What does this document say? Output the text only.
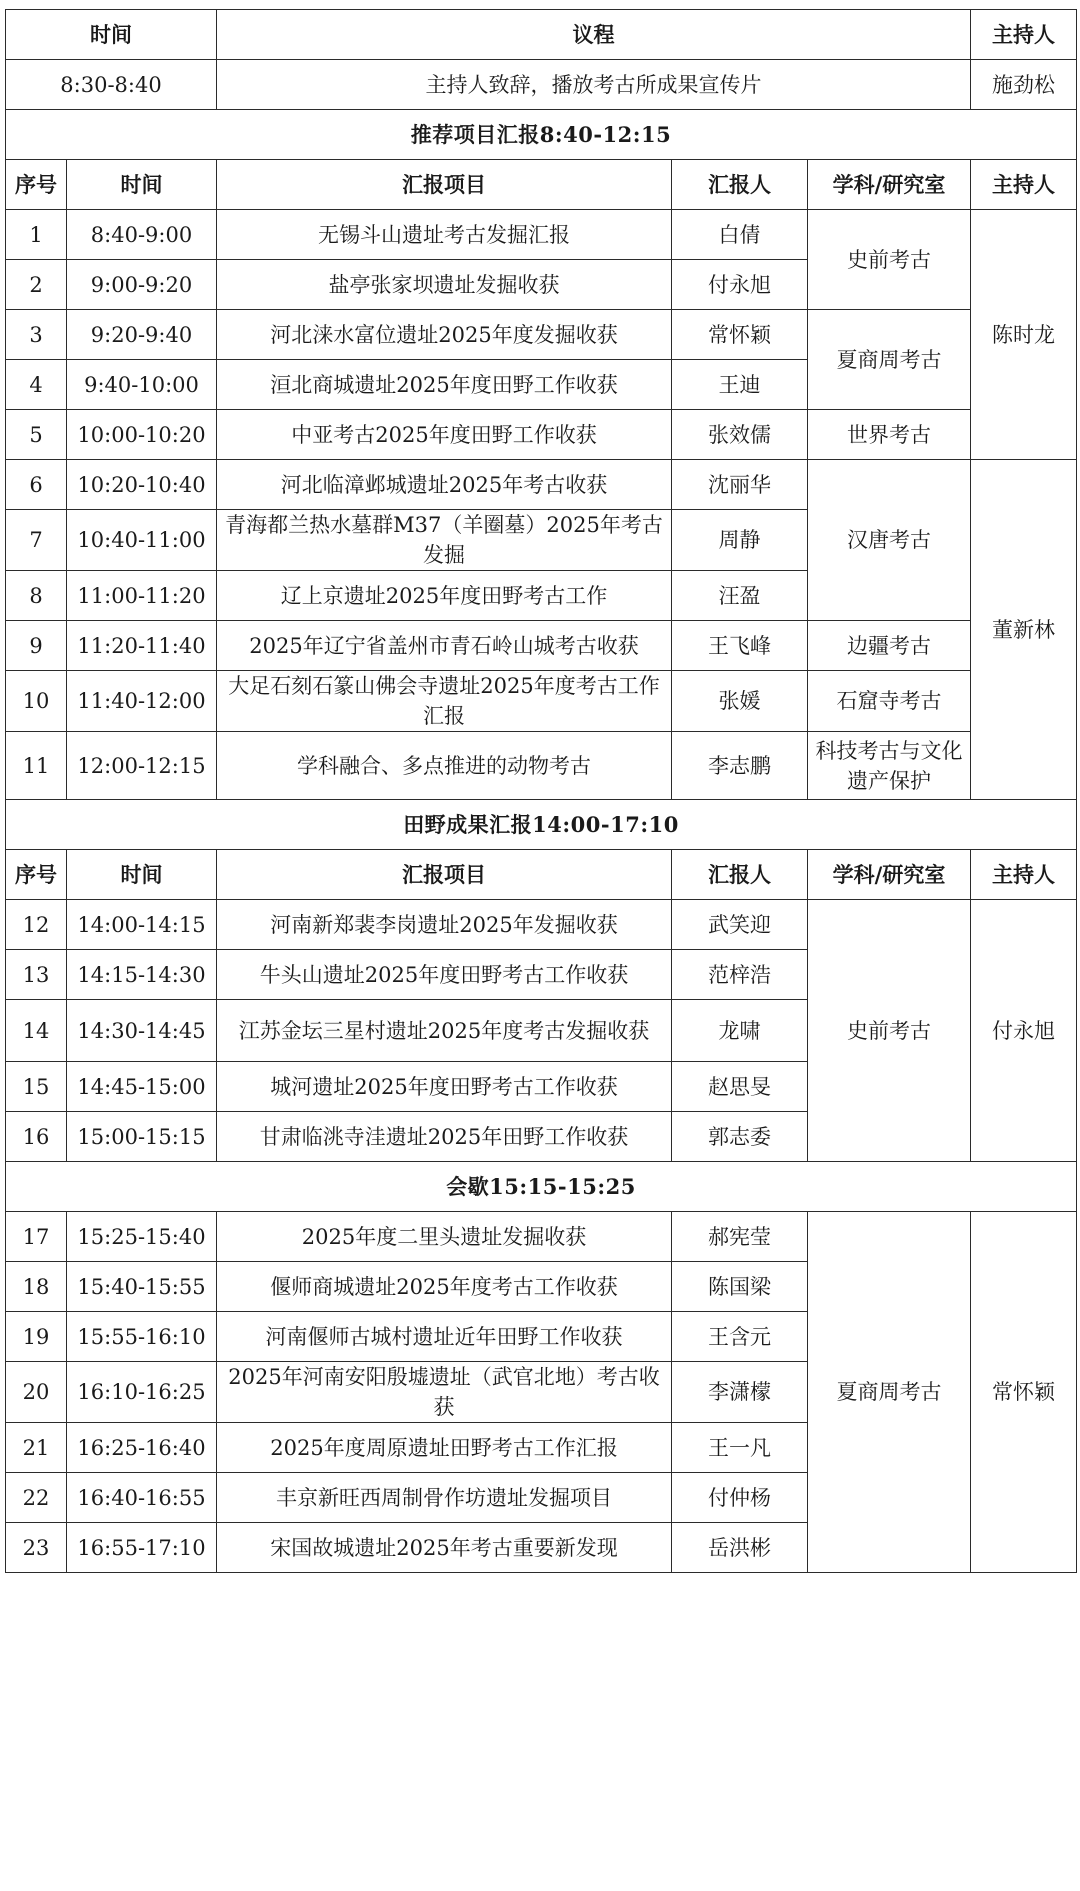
时间		议程			主持人
8:30-8:40		主持人致辞，播放考古所成果宣传片			施劲松
推荐项目汇报8:40-12:15					
序号	时间	汇报项目	汇报人	学科/研究室	主持人
1	8:40-9:00	无锡斗山遗址考古发掘汇报	白倩	史前考古	陈时龙
2	9:00-9:20	盐亭张家坝遗址发掘收获	付永旭		
3	9:20-9:40	河北涞水富位遗址2025年度发掘收获	常怀颖	夏商周考古	
4	9:40-10:00	洹北商城遗址2025年度田野工作收获	王迪		
5	10:00-10:20	中亚考古2025年度田野工作收获	张效儒	世界考古	
6	10:20-10:40	河北临漳邺城遗址2025年考古收获	沈丽华	汉唐考古	董新林
7	10:40-11:00	青海都兰热水墓群M37（羊圈墓）2025年考古发掘	周静		
8	11:00-11:20	辽上京遗址2025年度田野考古工作	汪盈		
9	11:20-11:40	2025年辽宁省盖州市青石岭山城考古收获	王飞峰	边疆考古	
10	11:40-12:00	大足石刻石篆山佛会寺遗址2025年度考古工作汇报	张媛	石窟寺考古	
11	12:00-12:15	学科融合、多点推进的动物考古	李志鹏	科技考古与文化遗产保护	
田野成果汇报14:00-17:10					
序号	时间	汇报项目	汇报人	学科/研究室	主持人
12	14:00-14:15	河南新郑裴李岗遗址2025年发掘收获	武笑迎	史前考古	付永旭
13	14:15-14:30	牛头山遗址2025年度田野考古工作收获	范梓浩		
14	14:30-14:45	江苏金坛三星村遗址2025年度考古发掘收获	龙啸		
15	14:45-15:00	城河遗址2025年度田野考古工作收获	赵思旻		
16	15:00-15:15	甘肃临洮寺洼遗址2025年田野工作收获	郭志委		
会歇15:15-15:25					
17	15:25-15:40	2025年度二里头遗址发掘收获	郝宪莹	夏商周考古	常怀颖
18	15:40-15:55	偃师商城遗址2025年度考古工作收获	陈国梁		
19	15:55-16:10	河南偃师古城村遗址近年田野工作收获	王含元		
20	16:10-16:25	2025年河南安阳殷墟遗址（武官北地）考古收获	李潇檬		
21	16:25-16:40	2025年度周原遗址田野考古工作汇报	王一凡		
22	16:40-16:55	丰京新旺西周制骨作坊遗址发掘项目	付仲杨		
23	16:55-17:10	宋国故城遗址2025年考古重要新发现	岳洪彬		
